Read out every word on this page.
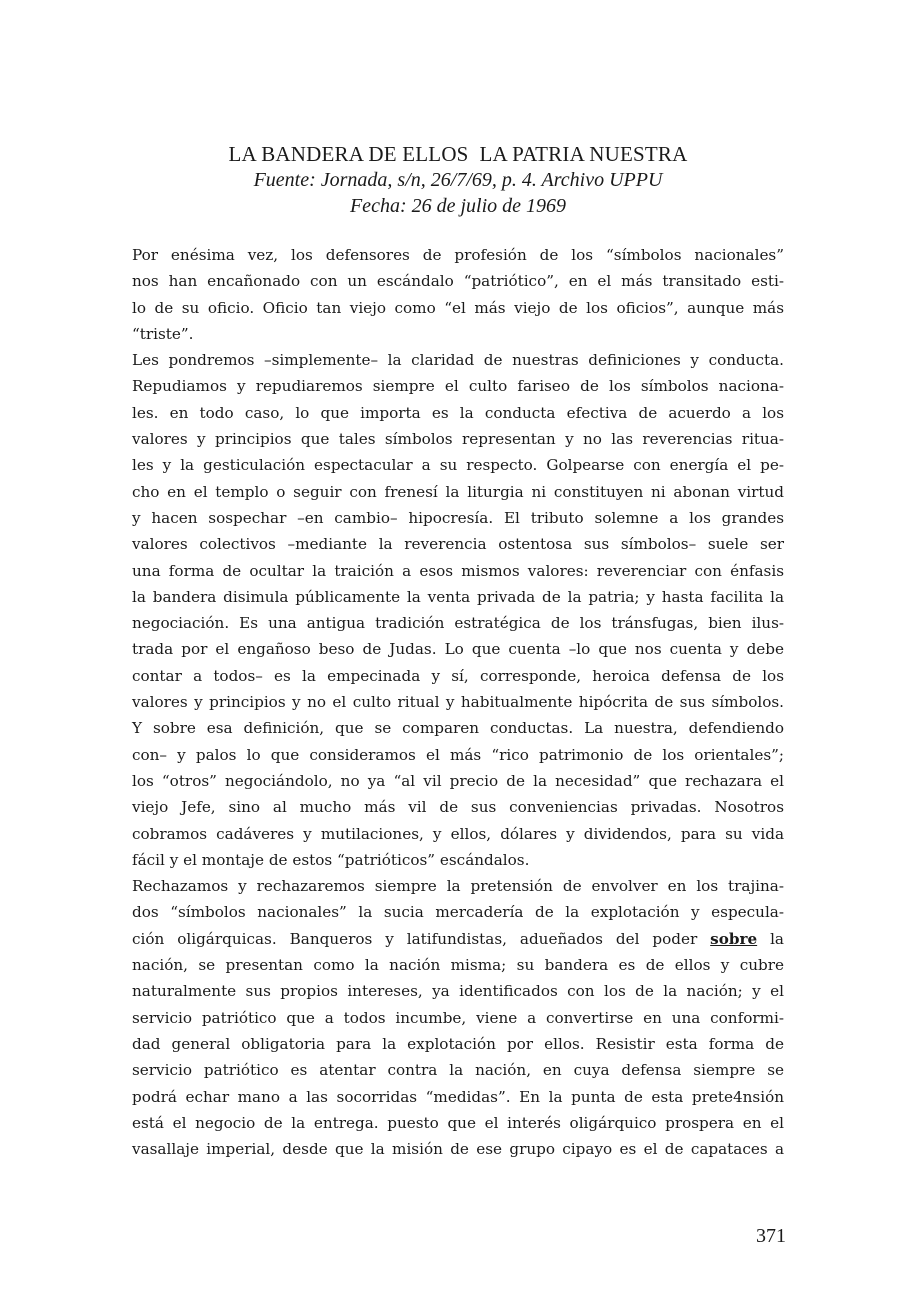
LA BANDERA DE ELLOS  LA PATRIA NUESTRA
Fuente: Jornada, s/n, 26/7/69, p. 4. Archivo UPPU
Fecha: 26 de julio de 1969
Por enésima vez, los defensores de profesión de los “símbolos nacionales”
nos han encañonado con un escándalo “patriótico”, en el más transitado esti-
lo de su oficio. Oficio tan viejo como “el más viejo de los oficios”, aunque más
“triste”.
Les pondremos –simplemente– la claridad de nuestras definiciones y conducta.
Repudiamos y repudiaremos siempre el culto fariseo de los símbolos naciona-
les. en todo caso, lo que importa es la conducta efectiva de acuerdo a los
valores y principios que tales símbolos representan y no las reverencias ritua-
les y la gesticulación espectacular a su respecto. Golpearse con energía el pe-
cho en el templo o seguir con frenesí la liturgia ni constituyen ni abonan virtud
y hacen sospechar –en cambio– hipocresía. El tributo solemne a los grandes
valores colectivos –mediante la reverencia ostentosa sus símbolos– suele ser
una forma de ocultar la traición a esos mismos valores: reverenciar con énfasis
la bandera disimula públicamente la venta privada de la patria; y hasta facilita la
negociación. Es una antigua tradición estratégica de los tránsfugas, bien ilus-
trada por el engañoso beso de Judas. Lo que cuenta –lo que nos cuenta y debe
contar a todos– es la empecinada y sí, corresponde, heroica defensa de los
valores y principios y no el culto ritual y habitualmente hipócrita de sus símbolos.
Y sobre esa definición, que se comparen conductas. La nuestra, defendiendo
con– y palos lo que consideramos el más “rico patrimonio de los orientales”;
los “otros” negociándolo, no ya “al vil precio de la necesidad” que rechazara el
viejo Jefe, sino al mucho más vil de sus conveniencias privadas. Nosotros
cobramos cadáveres y mutilaciones, y ellos, dólares y dividendos, para su vida
fácil y el montaje de estos “patrióticos” escándalos.
Rechazamos y rechazaremos siempre la pretensión de envolver en los trajina-
dos “símbolos nacionales” la sucia mercadería de la explotación y especula-
ción oligárquicas. Banqueros y latifundistas, adueñados del poder sobre la
nación, se presentan como la nación misma; su bandera es de ellos y cubre
naturalmente sus propios intereses, ya identificados con los de la nación; y el
servicio patriótico que a todos incumbe, viene a convertirse en una conformi-
dad general obligatoria para la explotación por ellos. Resistir esta forma de
servicio patriótico es atentar contra la nación, en cuya defensa siempre se
podrá echar mano a las socorridas “medidas”. En la punta de esta prete4nsión
está el negocio de la entrega. puesto que el interés oligárquico prospera en el
vasallaje imperial, desde que la misión de ese grupo cipayo es el de capataces a
371
